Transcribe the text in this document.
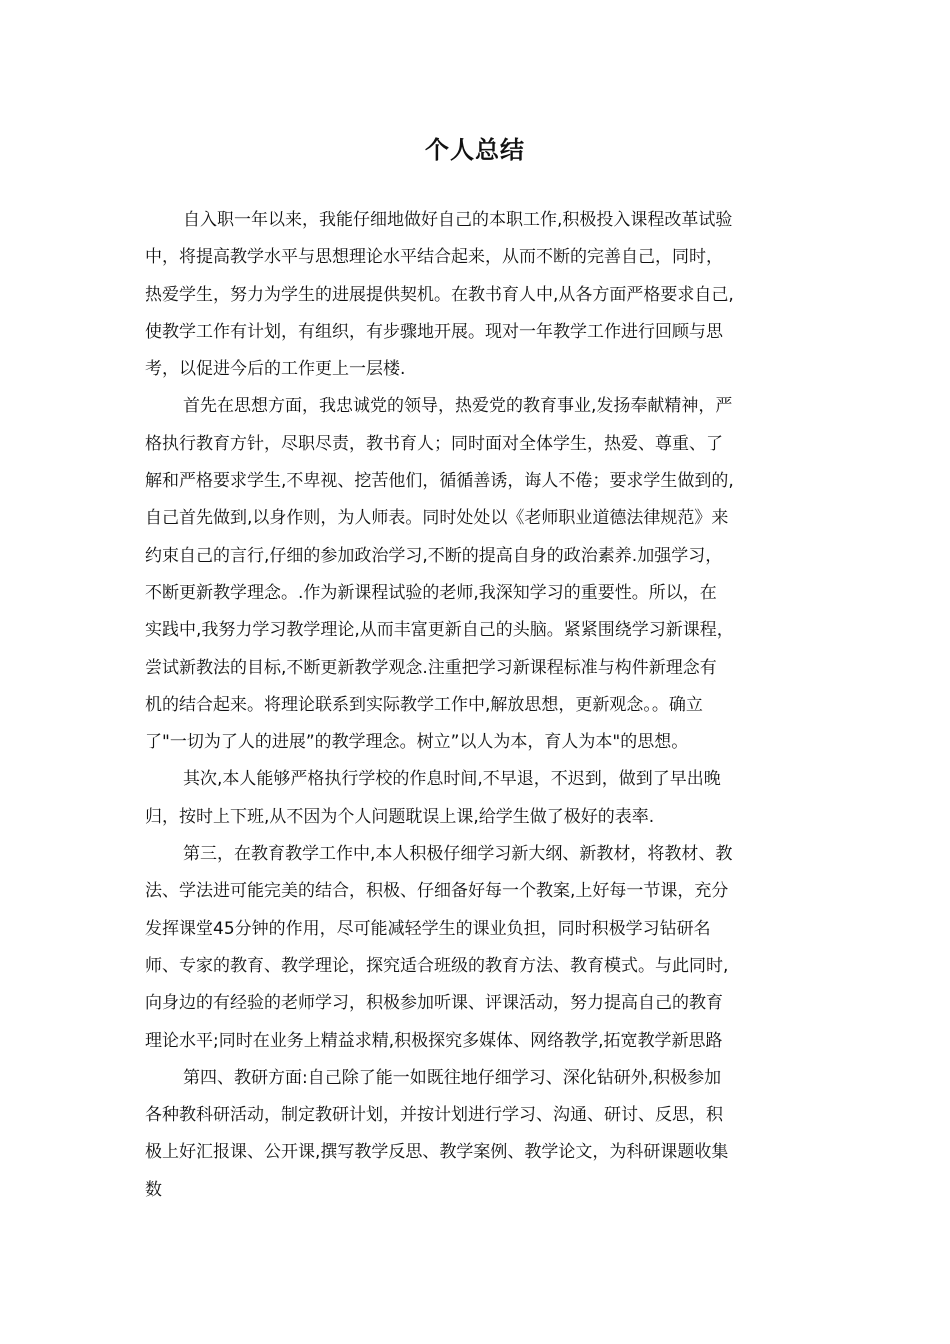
个人总结
自入职一年以来，我能仔细地做好自己的本职工作,积极投入课程改革试验
中，将提高教学水平与思想理论水平结合起来，从而不断的完善自己，同时，
热爱学生，努力为学生的进展提供契机。在教书育人中,从各方面严格要求自己,
使教学工作有计划，有组织，有步骤地开展。现对一年教学工作进行回顾与思
考，以促进今后的工作更上一层楼.
首先在思想方面，我忠诚党的领导，热爱党的教育事业,发扬奉献精神，严
格执行教育方针，尽职尽责，教书育人；同时面对全体学生，热爱、尊重、了
解和严格要求学生,不卑视、挖苦他们，循循善诱，诲人不倦；要求学生做到的,
自己首先做到,以身作则，为人师表。同时处处以《老师职业道德法律规范》来
约束自己的言行,仔细的参加政治学习,不断的提高自身的政治素养.加强学习，
不断更新教学理念。.作为新课程试验的老师,我深知学习的重要性。所以，在
实践中,我努力学习教学理论,从而丰富更新自己的头脑。紧紧围绕学习新课程，
尝试新教法的目标,不断更新教学观念.注重把学习新课程标准与构件新理念有
机的结合起来。将理论联系到实际教学工作中,解放思想，更新观念。。确立
了"一切为了人的进展”的教学理念。树立”以人为本，育人为本"的思想。
其次,本人能够严格执行学校的作息时间,不早退，不迟到，做到了早出晚
归，按时上下班,从不因为个人问题耽误上课,给学生做了极好的表率.
第三，在教育教学工作中,本人积极仔细学习新大纲、新教材，将教材、教
法、学法进可能完美的结合，积极、仔细备好每一个教案,上好每一节课，充分
发挥课堂45分钟的作用，尽可能减轻学生的课业负担，同时积极学习钻研名
师、专家的教育、教学理论，探究适合班级的教育方法、教育模式。与此同时,
向身边的有经验的老师学习，积极参加听课、评课活动，努力提高自己的教育
理论水平;同时在业务上精益求精,积极探究多媒体、网络教学,拓宽教学新思路
第四、教研方面:自己除了能一如既往地仔细学习、深化钻研外,积极参加
各种教科研活动，制定教研计划，并按计划进行学习、沟通、研讨、反思，积
极上好汇报课、公开课,撰写教学反思、教学案例、教学论文，为科研课题收集
数
